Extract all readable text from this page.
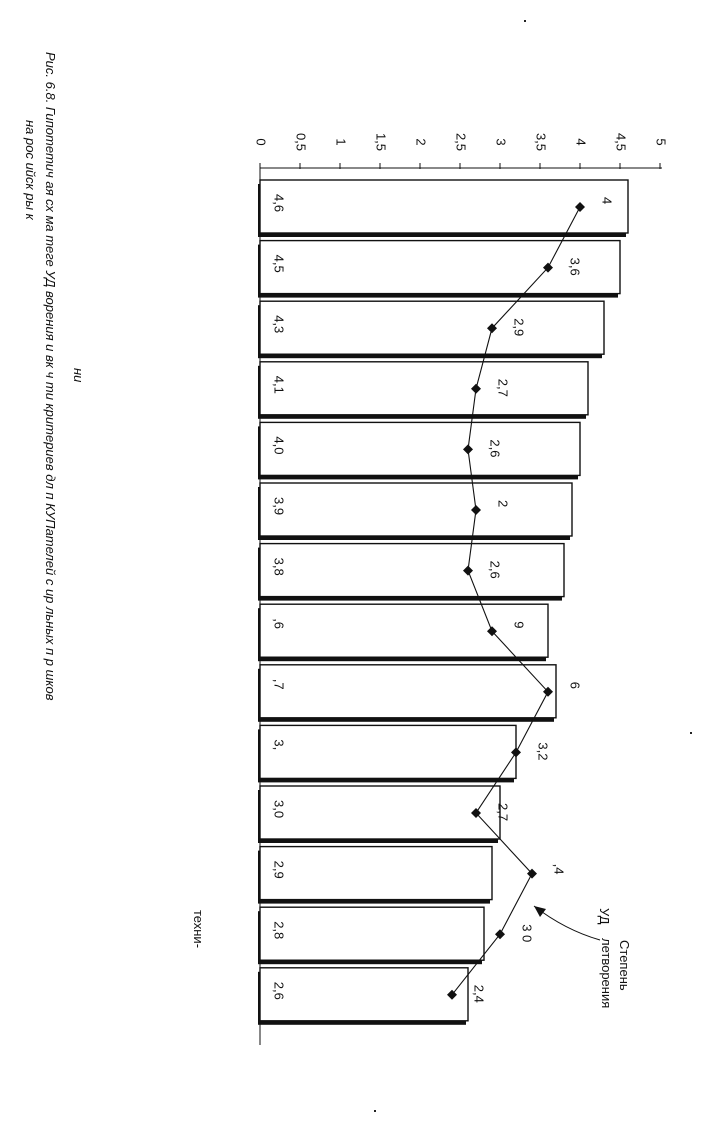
0 0,5 1 1,5 2 2,5 3 3,5 4 4,5 5
4,6
4,5
4,3
4,1
4,0
3,9
3,8
,6
,7
3,
3,0
2,9
2,8
2,6
4
3,6
2,9
2,7
2,6
2
2,6
9
6
3,2
2,7
,4
3 0
2,4
Рис. 6.8. Гипотетич ая сх ма теге УД ворения и вк ч ти критериев дл п КУПателей с ир льных п р шков
на рос ийск ры к
ни
техни-	УД
Степень
летворения
